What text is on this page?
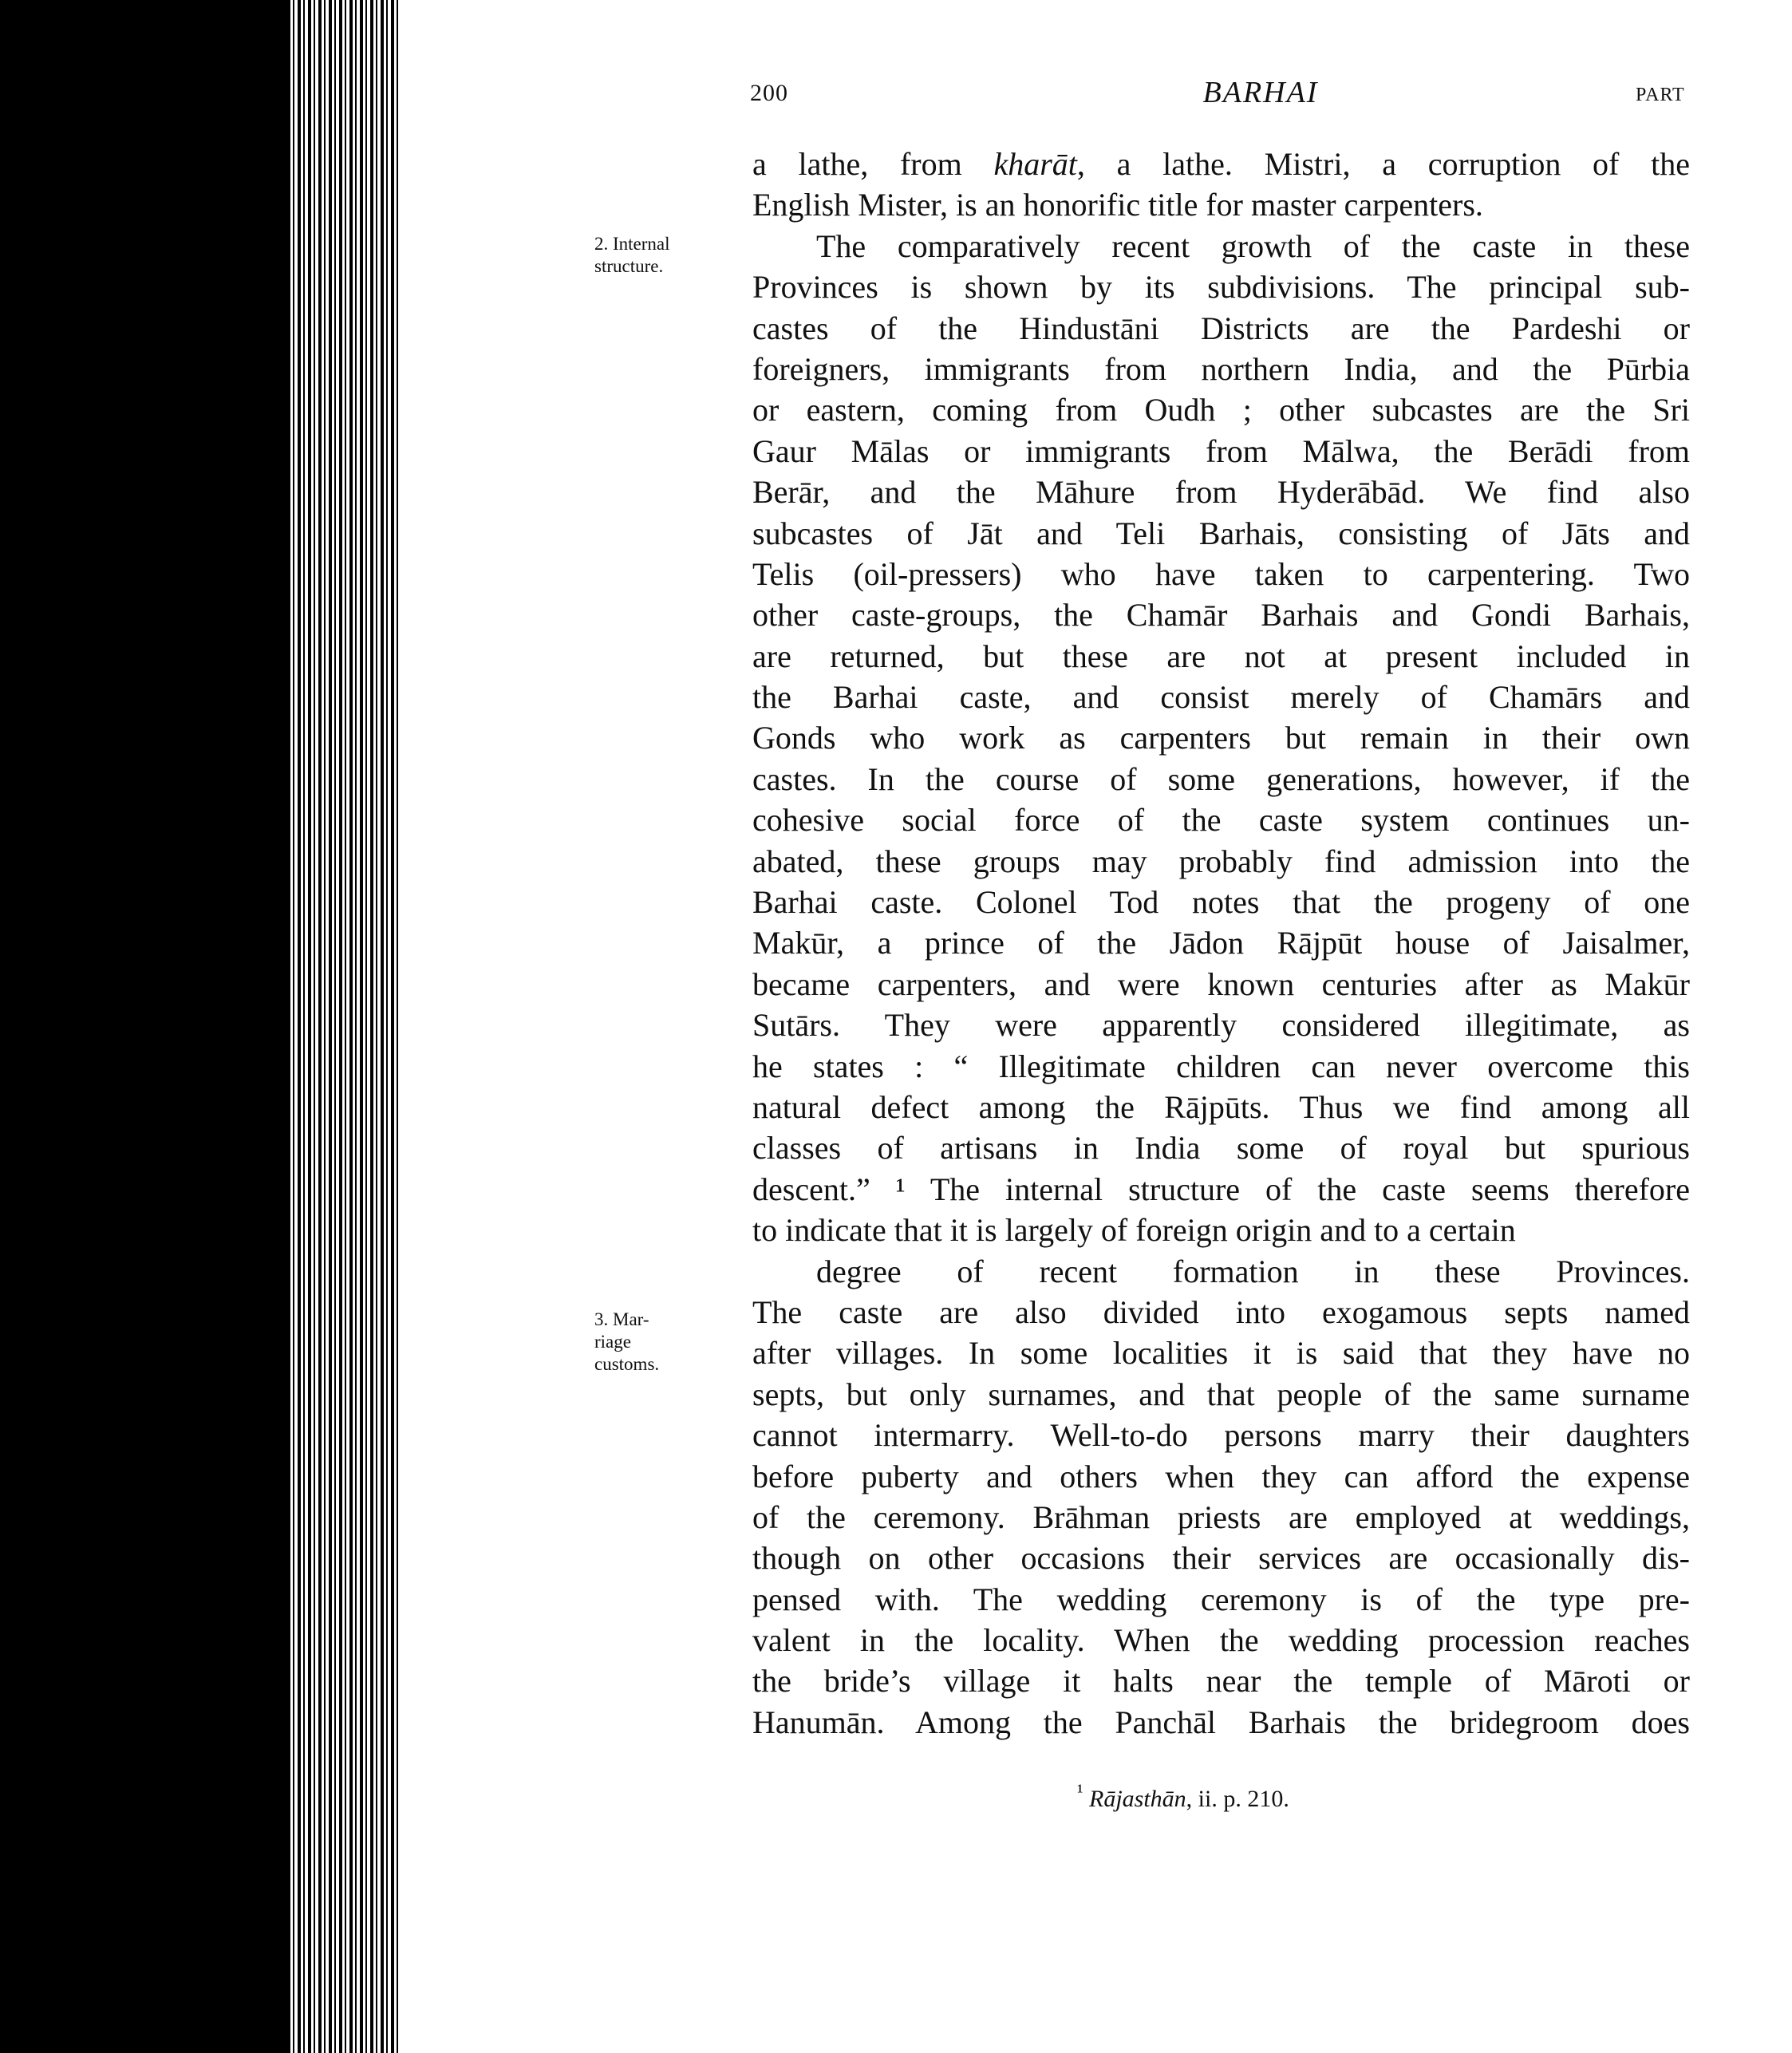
200	BARHAI	PART
2. Internal
structure.
3. Mar-
riage
customs.
a lathe, from kharāt, a lathe. Mistri, a corruption of the
English Mister, is an honorific title for master carpenters.
The comparatively recent growth of the caste in these
Provinces is shown by its subdivisions. The principal sub-
castes of the Hindustāni Districts are the Pardeshi or
foreigners, immigrants from northern India, and the Pūrbia
or eastern, coming from Oudh ; other subcastes are the Sri
Gaur Mālas or immigrants from Mālwa, the Berādi from
Berār, and the Māhure from Hyderābād. We find also
subcastes of Jāt and Teli Barhais, consisting of Jāts and
Telis (oil-pressers) who have taken to carpentering. Two
other caste-groups, the Chamār Barhais and Gondi Barhais,
are returned, but these are not at present included in
the Barhai caste, and consist merely of Chamārs and
Gonds who work as carpenters but remain in their own
castes. In the course of some generations, however, if the
cohesive social force of the caste system continues un-
abated, these groups may probably find admission into the
Barhai caste. Colonel Tod notes that the progeny of one
Makūr, a prince of the Jādon Rājpūt house of Jaisalmer,
became carpenters, and were known centuries after as Makūr
Sutārs. They were apparently considered illegitimate, as
he states : “ Illegitimate children can never overcome this
natural defect among the Rājpūts. Thus we find among all
classes of artisans in India some of royal but spurious
descent.” ¹ The internal structure of the caste seems therefore
to indicate that it is largely of foreign origin and to a certain
degree of recent formation in these Provinces.
The caste are also divided into exogamous septs named
after villages. In some localities it is said that they have no
septs, but only surnames, and that people of the same surname
cannot intermarry. Well-to-do persons marry their daughters
before puberty and others when they can afford the expense
of the ceremony. Brāhman priests are employed at weddings,
though on other occasions their services are occasionally dis-
pensed with. The wedding ceremony is of the type pre-
valent in the locality. When the wedding procession reaches
the bride’s village it halts near the temple of Māroti or
Hanumān. Among the Panchāl Barhais the bridegroom does
$^{^1}$ Rājasthān, ii. p. 210.
